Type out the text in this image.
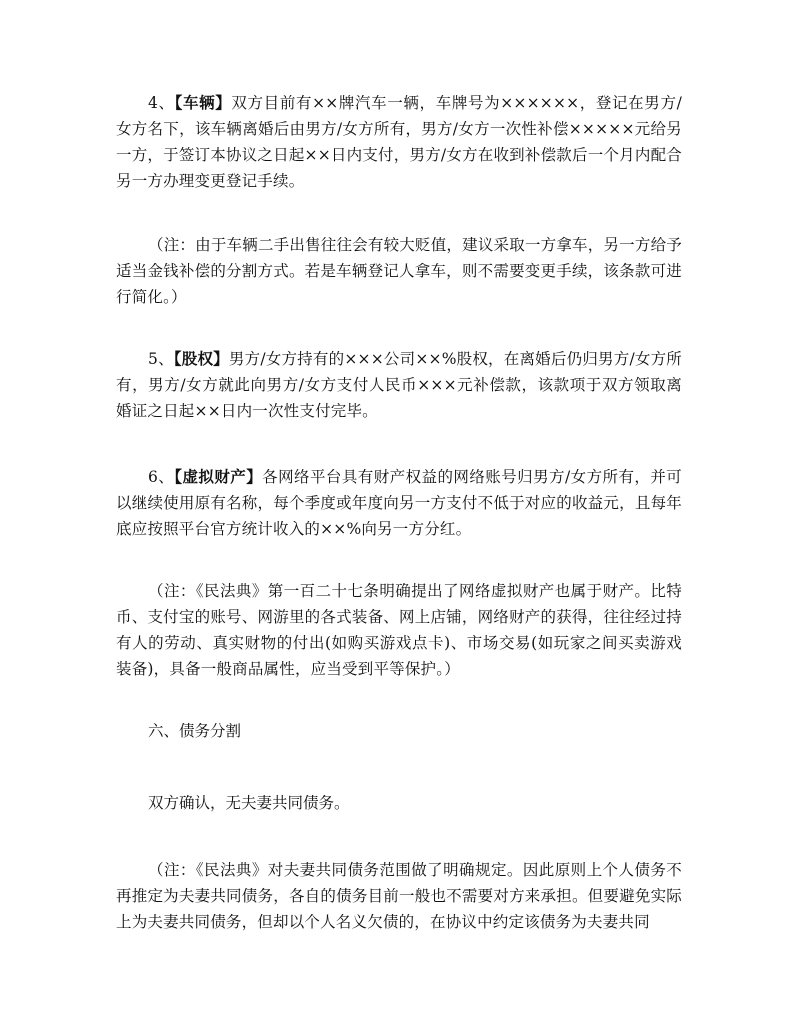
4、【车辆】双方目前有××牌汽车一辆，车牌号为××××××，登记在男方/女方名下，该车辆离婚后由男方/女方所有，男方/女方一次性补偿×××××元给另一方，于签订本协议之日起××日内支付，男方/女方在收到补偿款后一个月内配合另一方办理变更登记手续。

（注：由于车辆二手出售往往会有较大贬值，建议采取一方拿车，另一方给予适当金钱补偿的分割方式。若是车辆登记人拿车，则不需要变更手续，该条款可进行简化。）

5、【股权】男方/女方持有的×××公司××%股权，在离婚后仍归男方/女方所有，男方/女方就此向男方/女方支付人民币×××元补偿款，该款项于双方领取离婚证之日起××日内一次性支付完毕。

6、【虚拟财产】各网络平台具有财产权益的网络账号归男方/女方所有，并可以继续使用原有名称，每个季度或年度向另一方支付不低于对应的收益元，且每年底应按照平台官方统计收入的××%向另一方分红。

（注：《民法典》第一百二十七条明确提出了网络虚拟财产也属于财产。比特币、支付宝的账号、网游里的各式装备、网上店铺，网络财产的获得，往往经过持有人的劳动、真实财物的付出(如购买游戏点卡)、市场交易(如玩家之间买卖游戏装备)，具备一般商品属性，应当受到平等保护。）

六、债务分割

双方确认，无夫妻共同债务。

（注：《民法典》对夫妻共同债务范围做了明确规定。因此原则上个人债务不再推定为夫妻共同债务，各自的债务目前一般也不需要对方来承担。但要避免实际上为夫妻共同债务，但却以个人名义欠债的，在协议中约定该债务为夫妻共同
